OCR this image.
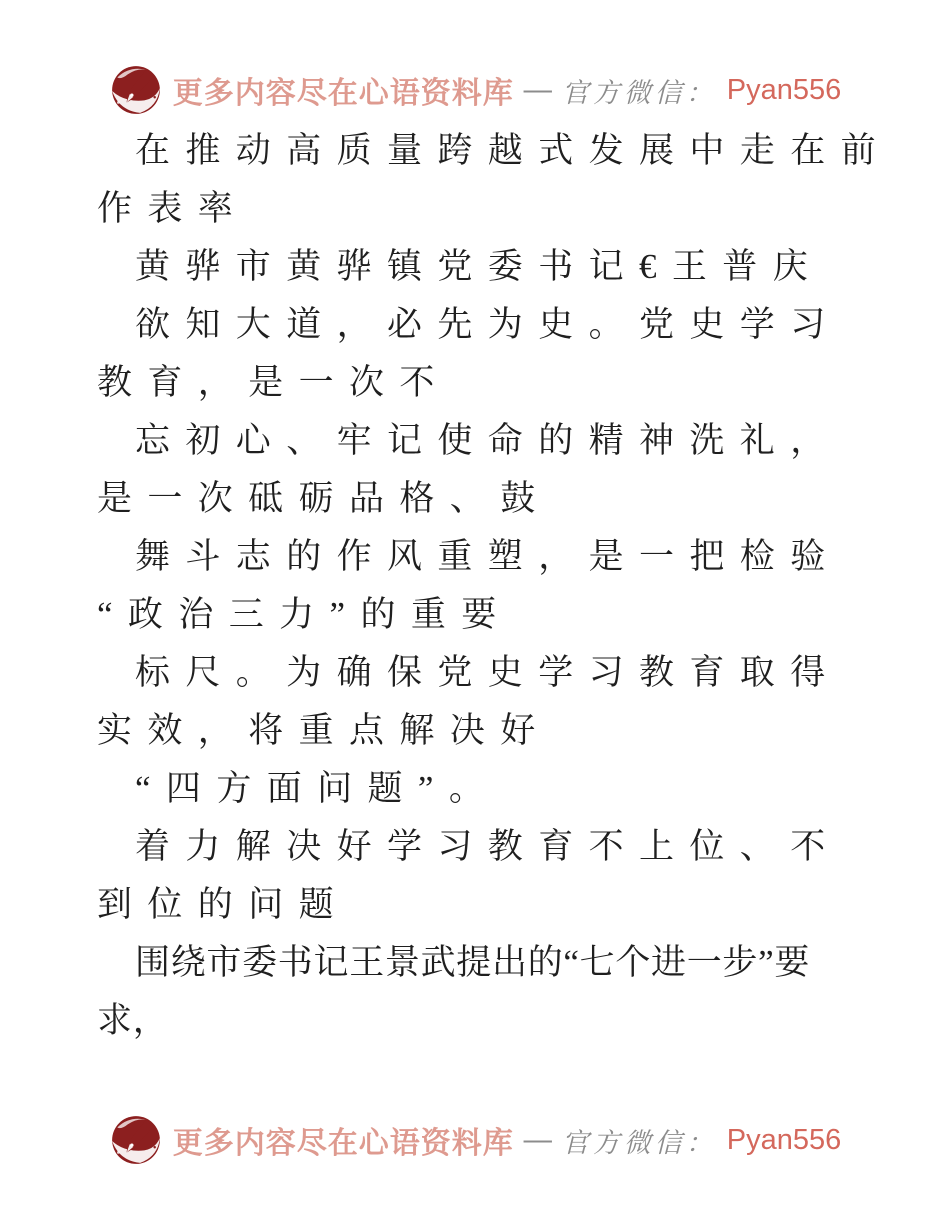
更多内容尽在心语资料库 — 官方微信： Pyan556
在推动高质量跨越式发展中走在前
作表率
黄骅市黄骅镇党委书记€王普庆
欲知大道，必先为史。党史学习
教育，是一次不
忘初心、牢记使命的精神洗礼，
是一次砥砺品格、鼓
舞斗志的作风重塑，是一把检验
“政治三力”的重要
标尺。为确保党史学习教育取得
实效，将重点解决好
“四方面问题”。
着力解决好学习教育不上位、不
到位的问题
围绕市委书记王景武提出的“七个进一步”要
求，
更多内容尽在心语资料库 — 官方微信： Pyan556
